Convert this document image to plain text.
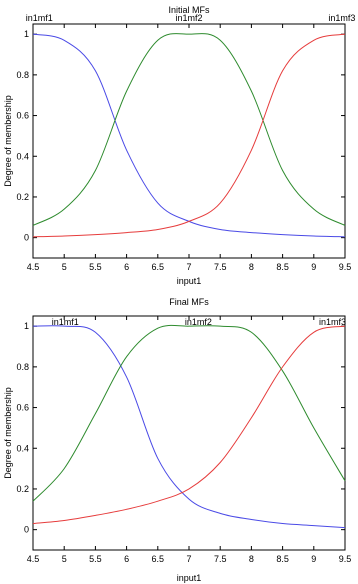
Initial MFs
4.5 5 5.5 6 6.5 7 7.5 8 8.5 9 9.5
0
0.2
0.4
0.6
0.8
1
input1
Degree of membership
in1mf1	in1mf2	in1mf3
Final MFs
4.5 5 5.5 6 6.5 7 7.5 8 8.5 9 9.5
0
0.2
0.4
0.6
0.8
1
input1
Degree of membership
in1mf1	in1mf2	in1mf3
